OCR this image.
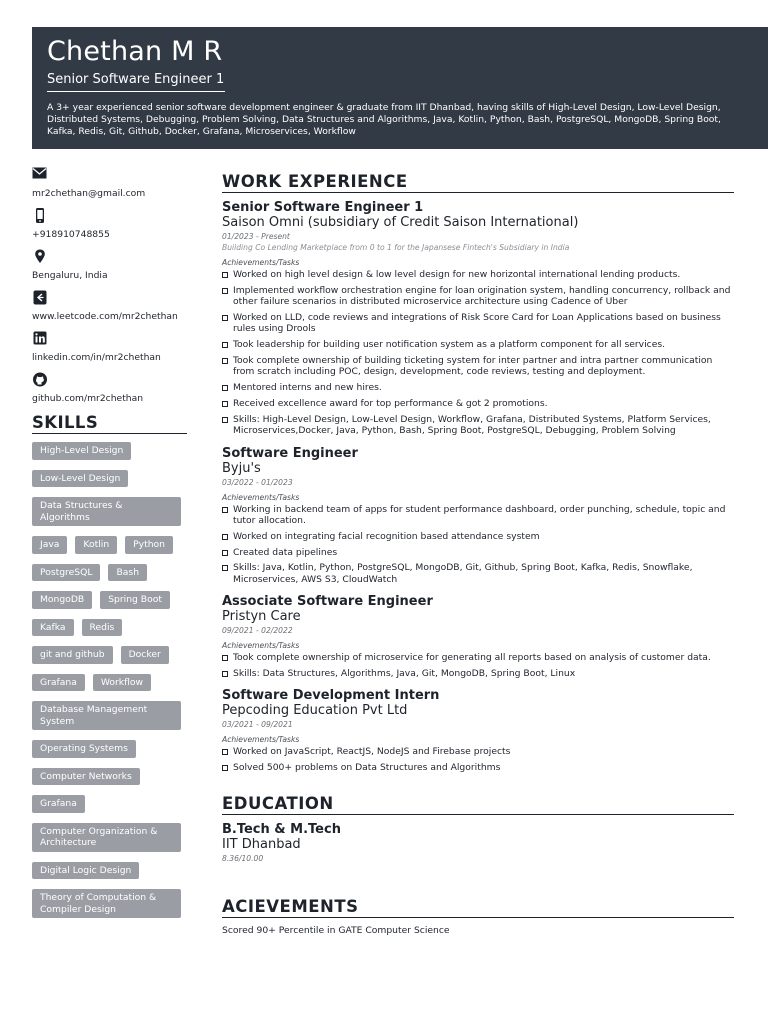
Chethan M R
Senior Software Engineer 1
A 3+ year experienced senior software development engineer & graduate from IIT Dhanbad, having skills of High-Level Design, Low-Level Design, Distributed Systems, Debugging, Problem Solving, Data Structures and Algorithms, Java, Kotlin, Python, Bash, PostgreSQL, MongoDB, Spring Boot, Kafka, Redis, Git, Github, Docker, Grafana, Microservices, Workflow
mr2chethan@gmail.com
+918910748855
Bengaluru, India
www.leetcode.com/mr2chethan
linkedin.com/in/mr2chethan
github.com/mr2chethan
SKILLS
High-Level Design
Low-Level Design
Data Structures & Algorithms
Java	Kotlin	Python
PostgreSQL	Bash
MongoDB	Spring Boot
Kafka	Redis
git and github	Docker
Grafana	Workflow
Database Management System
Operating Systems
Computer Networks
Grafana
Computer Organization & Architecture
Digital Logic Design
Theory of Computation & Compiler Design
WORK EXPERIENCE
Senior Software Engineer 1
Saison Omni (subsidiary of Credit Saison International)
01/2023 - Present
Building Co Lending Marketplace from 0 to 1 for the Japansese Fintech's Subsidiary in India
Achievements/Tasks
Worked on high level design & low level design for new horizontal international lending products.
Implemented workflow orchestration engine for loan origination system, handling concurrency, rollback and other failure scenarios in distributed microservice architecture using Cadence of Uber
Worked on LLD, code reviews and integrations of Risk Score Card for Loan Applications based on business rules using Drools
Took leadership for building user notification system as a platform component for all services.
Took complete ownership of building ticketing system for inter partner and intra partner communication from scratch including POC, design, development, code reviews, testing and deployment.
Mentored interns and new hires.
Received excellence award for top performance & got 2 promotions.
Skills: High-Level Design, Low-Level Design, Workflow, Grafana, Distributed Systems, Platform Services, Microservices,Docker, Java, Python, Bash, Spring Boot, PostgreSQL, Debugging, Problem Solving
Software Engineer
Byju's
03/2022 - 01/2023
Achievements/Tasks
Working in backend team of apps for student performance dashboard, order punching, schedule, topic and tutor allocation.
Worked on integrating facial recognition based attendance system
Created data pipelines
Skills: Java, Kotlin, Python, PostgreSQL, MongoDB, Git, Github, Spring Boot, Kafka, Redis, Snowflake, Microservices, AWS S3, CloudWatch
Associate Software Engineer
Pristyn Care
09/2021 - 02/2022
Achievements/Tasks
Took complete ownership of microservice for generating all reports based on analysis of customer data.
Skills: Data Structures, Algorithms, Java, Git, MongoDB, Spring Boot, Linux
Software Development Intern
Pepcoding Education Pvt Ltd
03/2021 - 09/2021
Achievements/Tasks
Worked on JavaScript, ReactJS, NodeJS and Firebase projects
Solved 500+ problems on Data Structures and Algorithms
EDUCATION
B.Tech & M.Tech
IIT Dhanbad
8.36/10.00
ACIEVEMENTS
Scored 90+ Percentile in GATE Computer Science
